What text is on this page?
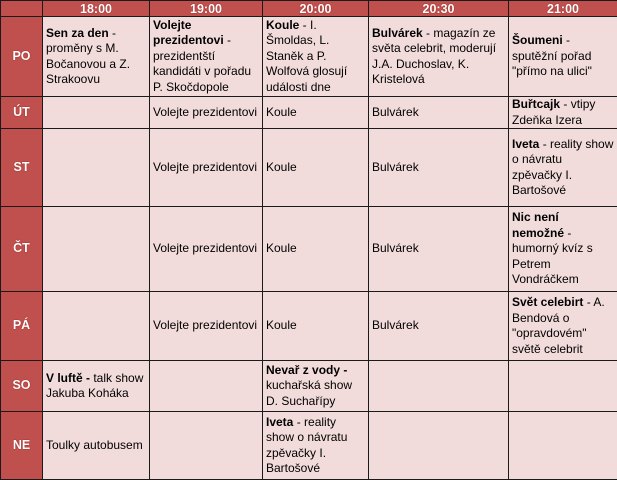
	18:00	19:00	20:00	20:30	21:00
PO	Sen za den - proměny s M. Bočanovou a Z. Strakoovu	Volejte prezidentovi - prezidentští kandidáti v pořadu P. Skočdopole	Koule - I. Šmoldas, L. Staněk a P. Wolfová glosují události dne	Bulvárek - magazín ze světa celebrit, moderují J.A. Duchoslav, K. Kristelová	Šoumeni - sputěžní pořad "přímo na ulici"
ÚT		Volejte prezidentovi	Koule	Bulvárek	Buřtcajk - vtipy Zdeňka Izera
ST		Volejte prezidentovi	Koule	Bulvárek	Iveta - reality show o návratu zpěvačky I. Bartošové
ČT		Volejte prezidentovi	Koule	Bulvárek	Nic není nemožné - humorný kvíz s Petrem Vondráčkem
PÁ		Volejte prezidentovi	Koule	Bulvárek	Svět celebirt - A. Bendová o "opravdovém" světě celebrit
SO	V luftě - talk show Jakuba Koháka		Nevař z vody - kuchařská show D. Suchařípy		
NE	Toulky autobusem		Iveta - reality show o návratu zpěvačky I. Bartošové		
